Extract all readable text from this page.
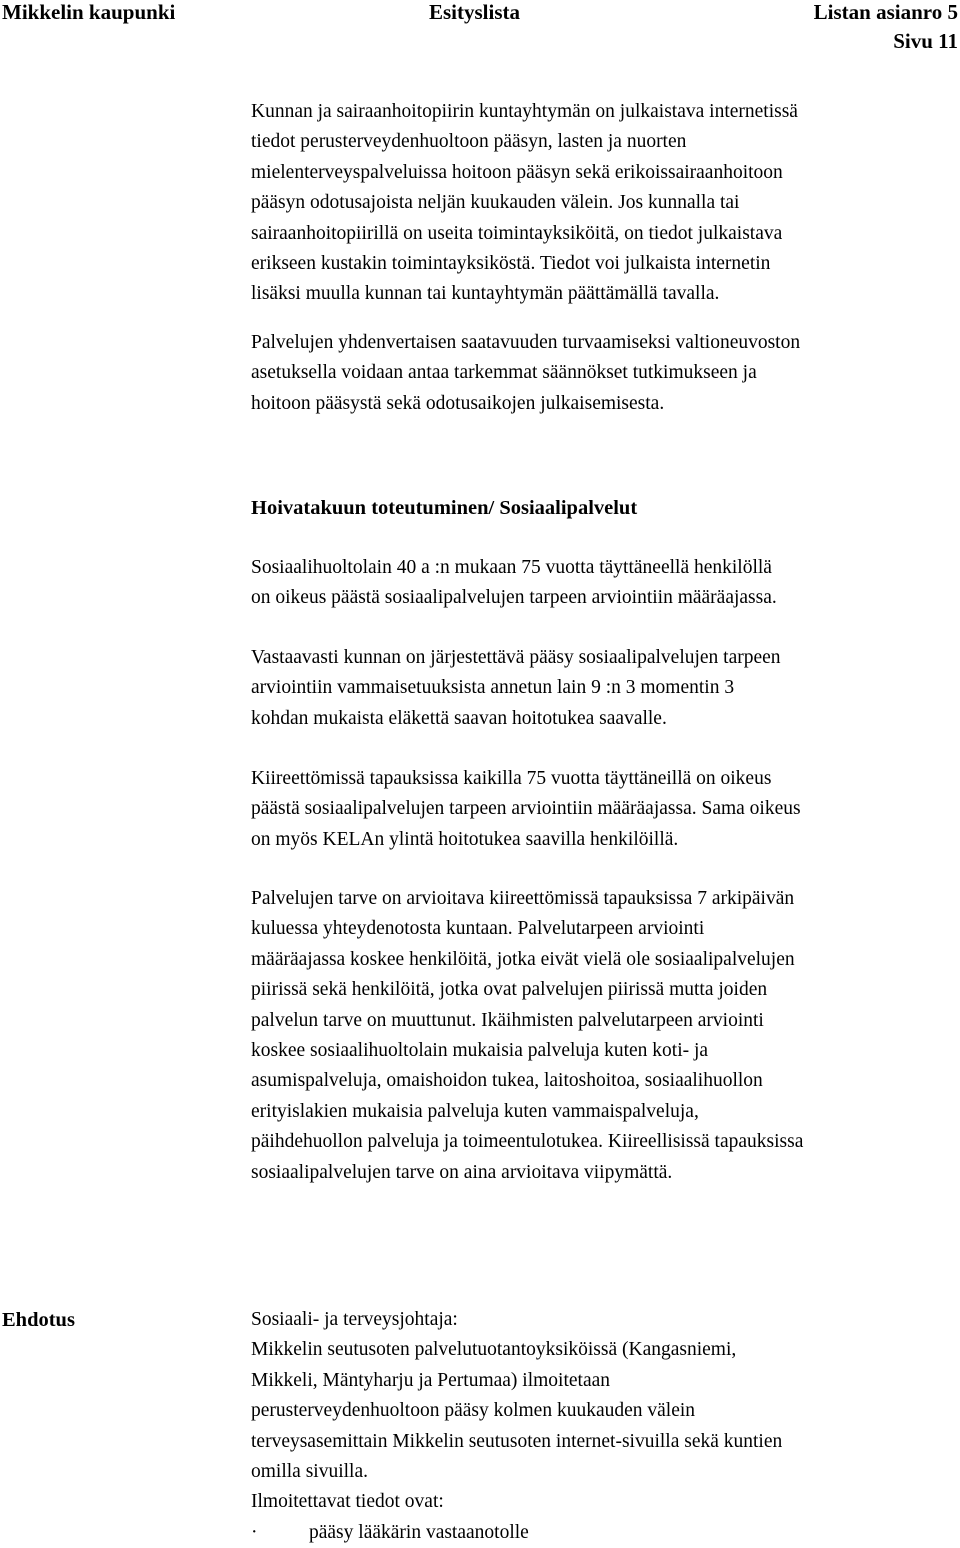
Mikkelin kaupunki	Esityslista	Listan asianro 5
Sivu 11
Kunnan ja sairaanhoitopiirin kuntayhtymän on julkaistava internetissä
tiedot perusterveydenhuoltoon pääsyn, lasten ja nuorten
mielenterveyspalveluissa hoitoon pääsyn sekä erikoissairaanhoitoon
pääsyn odotusajoista neljän kuukauden välein. Jos kunnalla tai
sairaanhoitopiirillä on useita toimintayksiköitä, on tiedot julkaistava
erikseen kustakin toimintayksiköstä. Tiedot voi julkaista internetin
lisäksi muulla kunnan tai kuntayhtymän päättämällä tavalla.
Palvelujen yhdenvertaisen saatavuuden turvaamiseksi valtioneuvoston
asetuksella voidaan antaa tarkemmat säännökset tutkimukseen ja
hoitoon pääsystä sekä odotusaikojen julkaisemisesta.
Hoivatakuun toteutuminen/ Sosiaalipalvelut
Sosiaalihuoltolain 40 a :n mukaan 75 vuotta täyttäneellä henkilöllä
on oikeus päästä sosiaalipalvelujen tarpeen arviointiin määräajassa.
Vastaavasti kunnan on järjestettävä pääsy sosiaalipalvelujen tarpeen
arviointiin vammaisetuuksista annetun lain 9 :n 3 momentin 3
kohdan mukaista eläkettä saavan hoitotukea saavalle.
Kiireettömissä tapauksissa kaikilla 75 vuotta täyttäneillä on oikeus
päästä sosiaalipalvelujen tarpeen arviointiin määräajassa. Sama oikeus
on myös KELAn ylintä hoitotukea saavilla henkilöillä.
Palvelujen tarve on arvioitava kiireettömissä tapauksissa 7 arkipäivän
kuluessa yhteydenotosta kuntaan. Palvelutarpeen arviointi
määräajassa koskee henkilöitä, jotka eivät vielä ole sosiaalipalvelujen
piirissä sekä henkilöitä, jotka ovat palvelujen piirissä mutta joiden
palvelun tarve on muuttunut. Ikäihmisten palvelutarpeen arviointi
koskee sosiaalihuoltolain mukaisia palveluja kuten koti- ja
asumispalveluja, omaishoidon tukea, laitoshoitoa, sosiaalihuollon
erityislakien mukaisia palveluja kuten vammaispalveluja,
päihdehuollon palveluja ja toimeentulotukea. Kiireellisissä tapauksissa
sosiaalipalvelujen tarve on aina arvioitava viipymättä.
Ehdotus	Sosiaali- ja terveysjohtaja:
Mikkelin seutusoten palvelutuotantoyksiköissä (Kangasniemi,
Mikkeli, Mäntyharju ja Pertumaa) ilmoitetaan
perusterveydenhuoltoon pääsy kolmen kuukauden välein
terveysasemittain Mikkelin seutusoten internet-sivuilla sekä kuntien
omilla sivuilla.
Ilmoitettavat tiedot ovat:
·	pääsy lääkärin vastaanotolle
